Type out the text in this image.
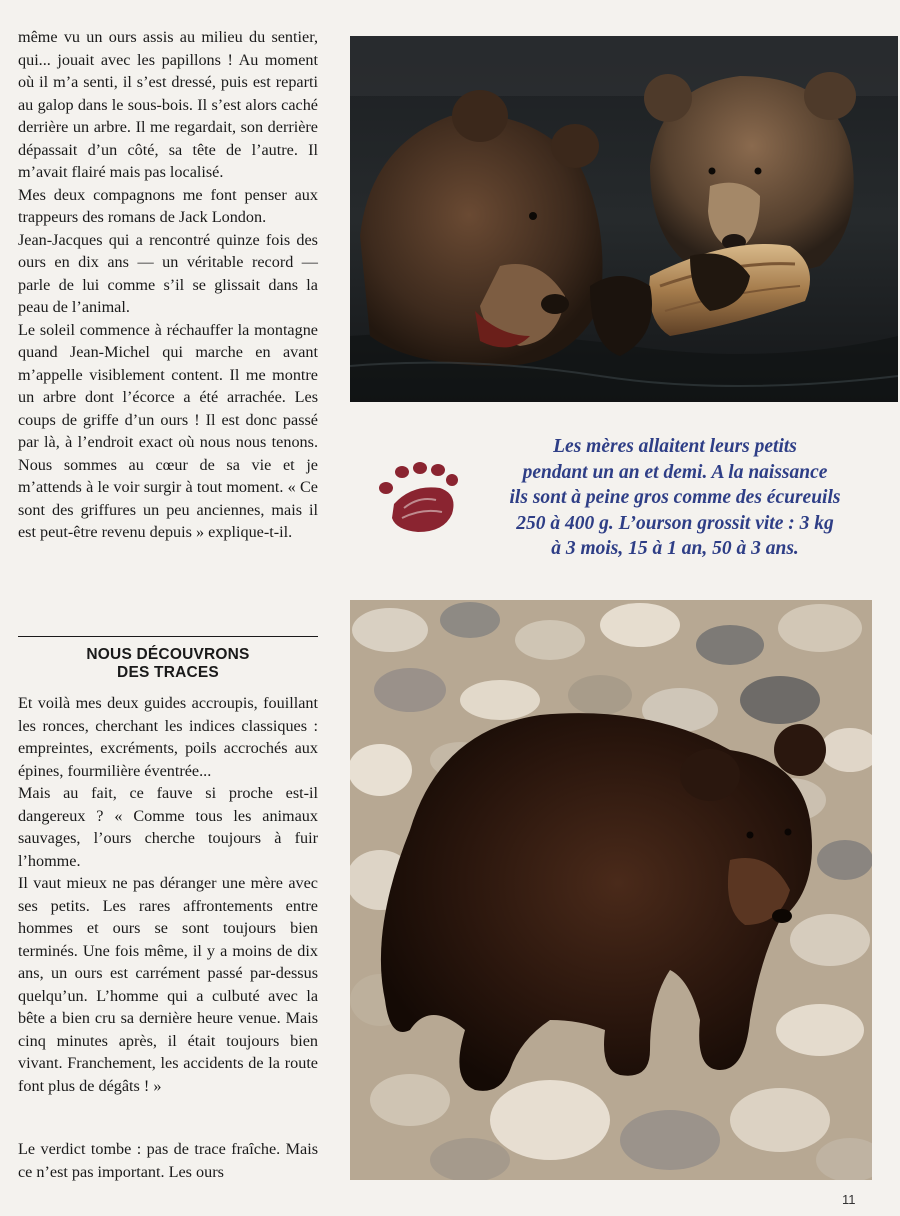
même vu un ours assis au milieu du sentier, qui... jouait avec les papillons ! Au moment où il m’a senti, il s’est dressé, puis est reparti au galop dans le sous-bois. Il s’est alors caché derrière un arbre. Il me regardait, son derrière dépassait d’un côté, sa tête de l’autre. Il m’avait flairé mais pas localisé.

Mes deux compagnons me font penser aux trappeurs des romans de Jack London.

Jean-Jacques qui a rencontré quinze fois des ours en dix ans — un véritable record — parle de lui comme s’il se glissait dans la peau de l’animal.

Le soleil commence à réchauffer la montagne quand Jean-Michel qui marche en avant m’appelle visiblement content. Il me montre un arbre dont l’écorce a été arrachée. Les coups de griffe d’un ours ! Il est donc passé par là, à l’endroit exact où nous nous tenons. Nous sommes au cœur de sa vie et je m’attends à le voir surgir à tout moment. « Ce sont des griffures un peu anciennes, mais il est peut-être revenu depuis » explique-t-il.

NOUS DÉCOUVRONS
DES TRACES

Et voilà mes deux guides accroupis, fouillant les ronces, cherchant les indices classiques : empreintes, excréments, poils accrochés aux épines, fourmilière éventrée...

Mais au fait, ce fauve si proche est-il dangereux ? « Comme tous les animaux sauvages, l’ours cherche toujours à fuir l’homme.

Il vaut mieux ne pas déranger une mère avec ses petits. Les rares affrontements entre hommes et ours se sont toujours bien terminés. Une fois même, il y a moins de dix ans, un ours est carrément passé par-dessus quelqu’un. L’homme qui a culbuté avec la bête a bien cru sa dernière heure venue. Mais cinq minutes après, il était toujours bien vivant. Franchement, les accidents de la route font plus de dégâts ! »

Le verdict tombe : pas de trace fraîche. Mais ce n’est pas important. Les ours

Les mères allaitent leurs petits

pendant un an et demi. A la naissance

ils sont à peine gros comme des écureuils

250 à 400 g. L’ourson grossit vite : 3 kg

à 3 mois, 15 à 1 an, 50 à 3 ans.

11
